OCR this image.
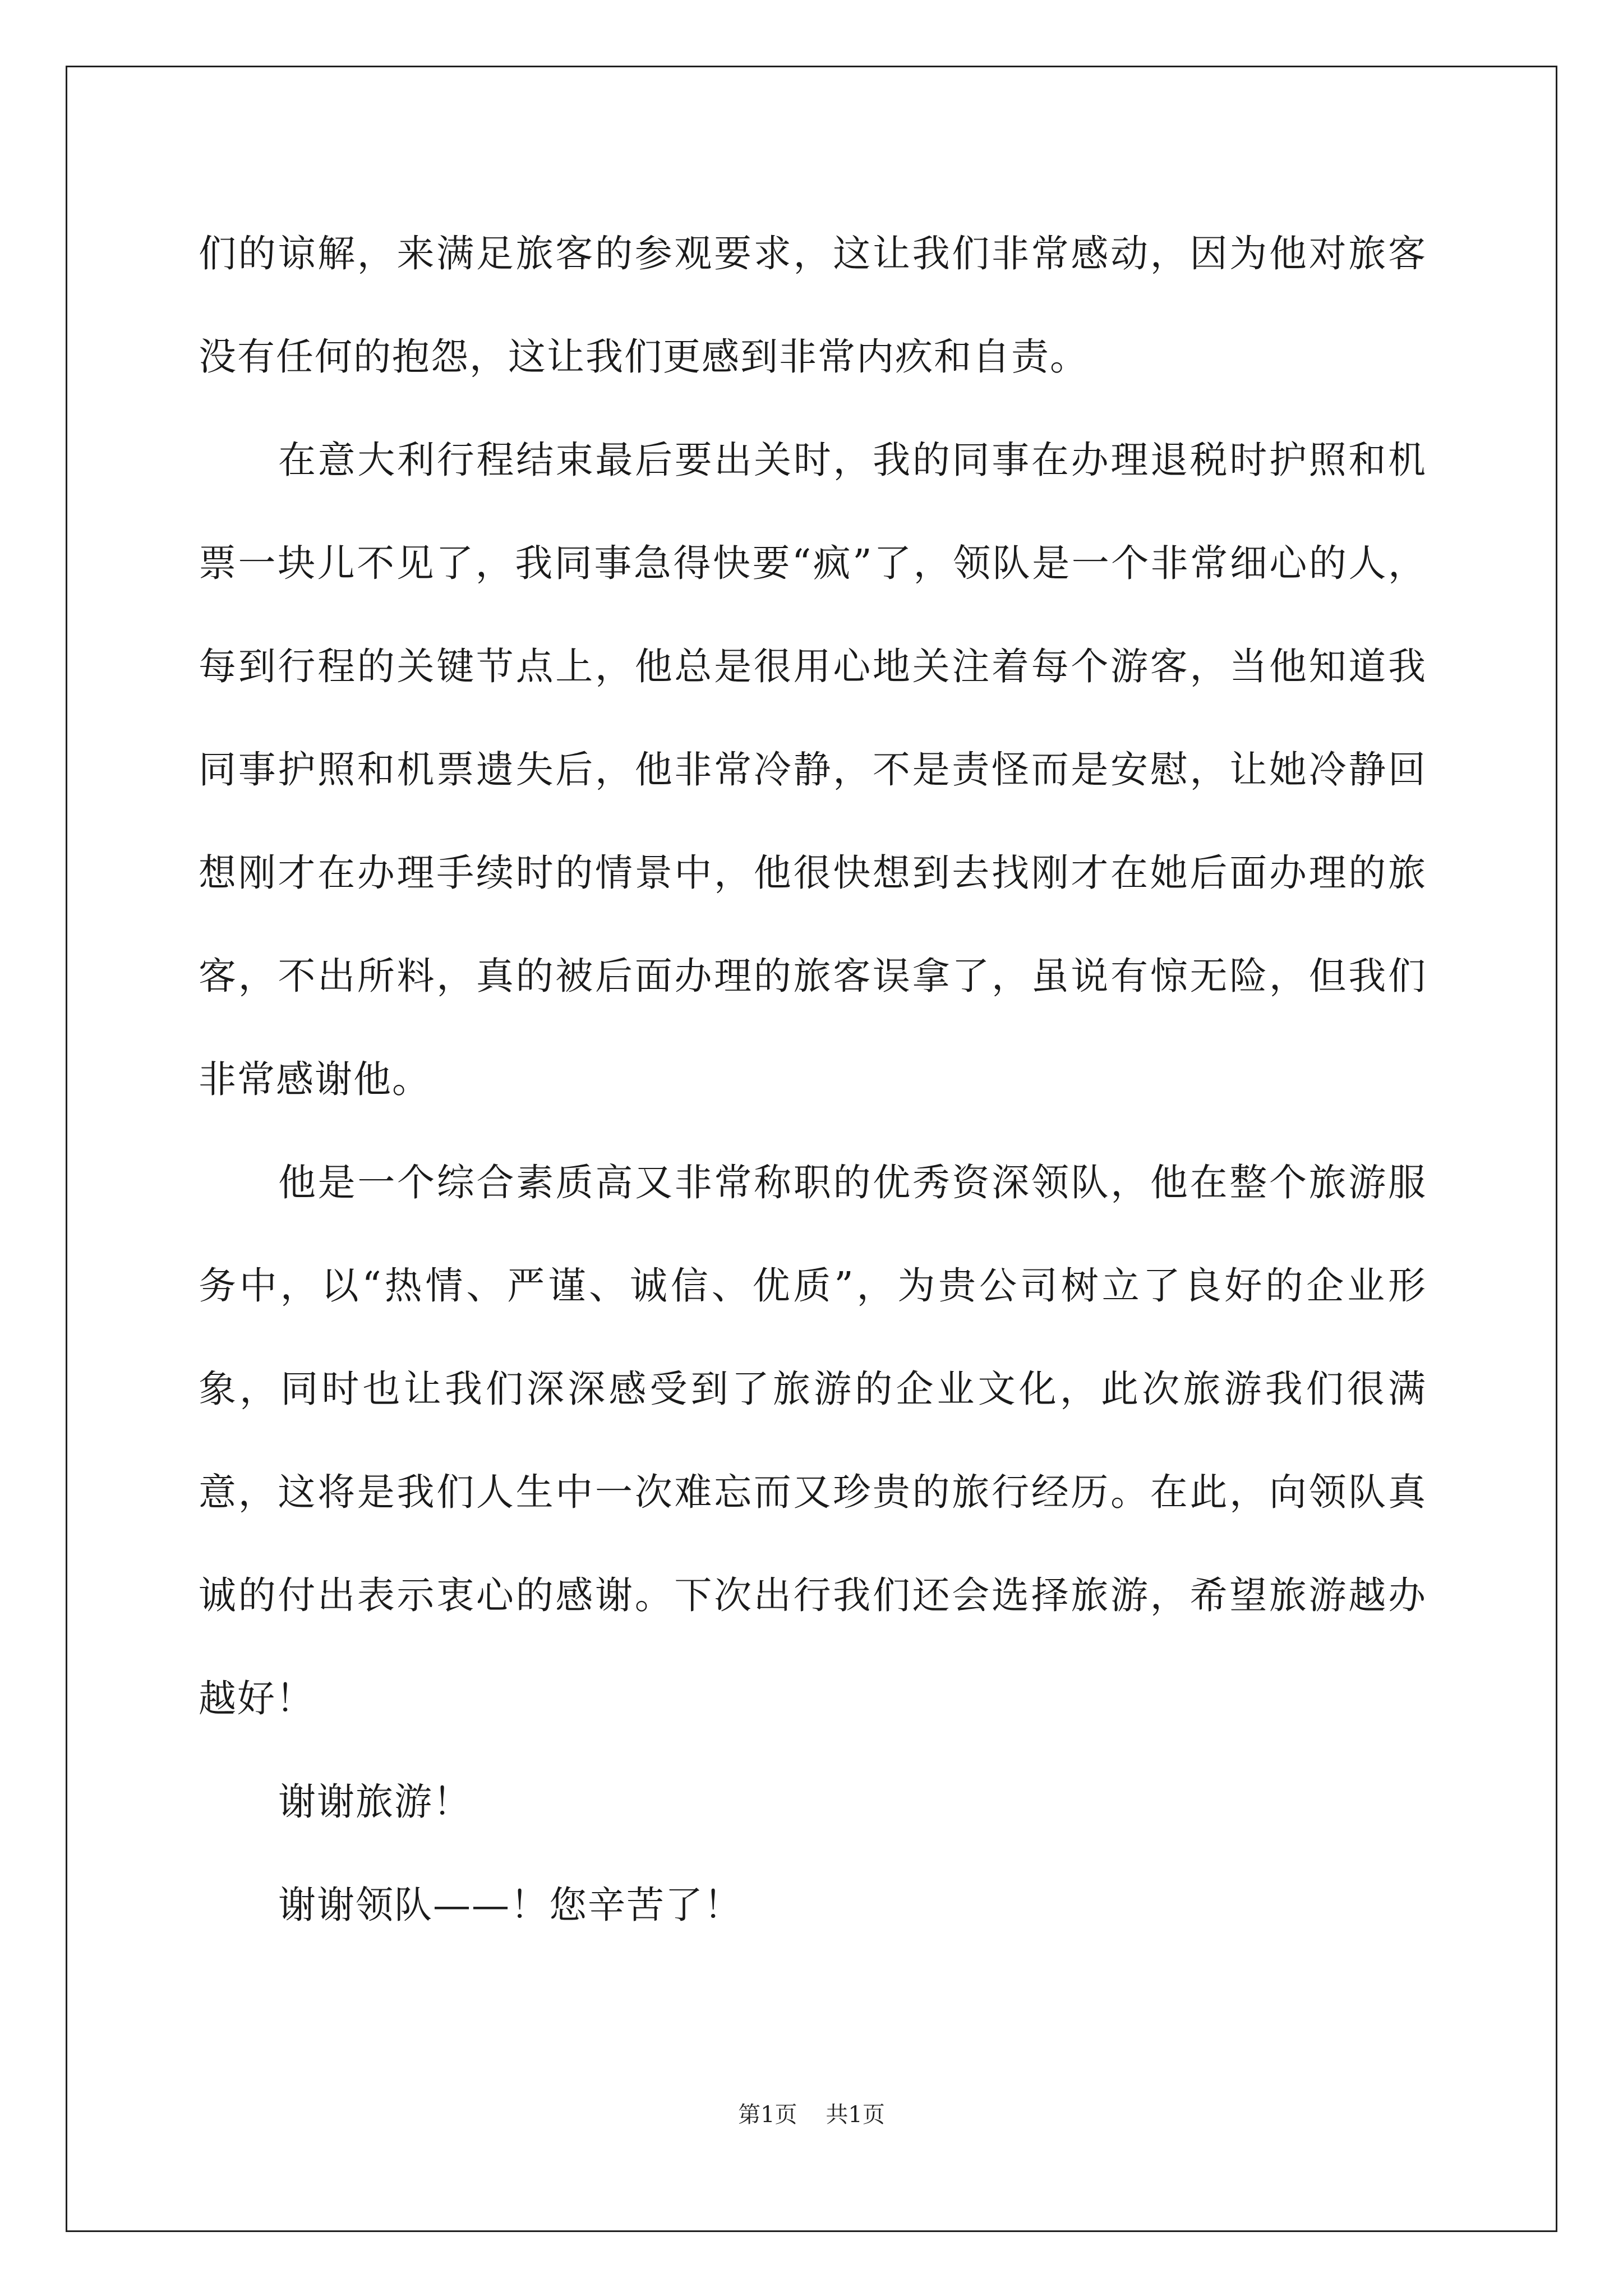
们的谅解，来满足旅客的参观要求，这让我们非常感动，因为他对旅客没有任何的抱怨，这让我们更感到非常内疚和自责。

在意大利行程结束最后要出关时，我的同事在办理退税时护照和机票一块儿不见了，我同事急得快要“疯”了，领队是一个非常细心的人，每到行程的关键节点上，他总是很用心地关注着每个游客，当他知道我同事护照和机票遗失后，他非常冷静，不是责怪而是安慰，让她冷静回想刚才在办理手续时的情景中，他很快想到去找刚才在她后面办理的旅客，不出所料，真的被后面办理的旅客误拿了，虽说有惊无险，但我们非常感谢他。

他是一个综合素质高又非常称职的优秀资深领队，他在整个旅游服务中，以“热情、严谨、诚信、优质”，为贵公司树立了良好的企业形象，同时也让我们深深感受到了旅游的企业文化，此次旅游我们很满意，这将是我们人生中一次难忘而又珍贵的旅行经历。在此，向领队真诚的付出表示衷心的感谢。下次出行我们还会选择旅游，希望旅游越办越好！

谢谢旅游！

谢谢领队——！您辛苦了！

第1页 共1页
